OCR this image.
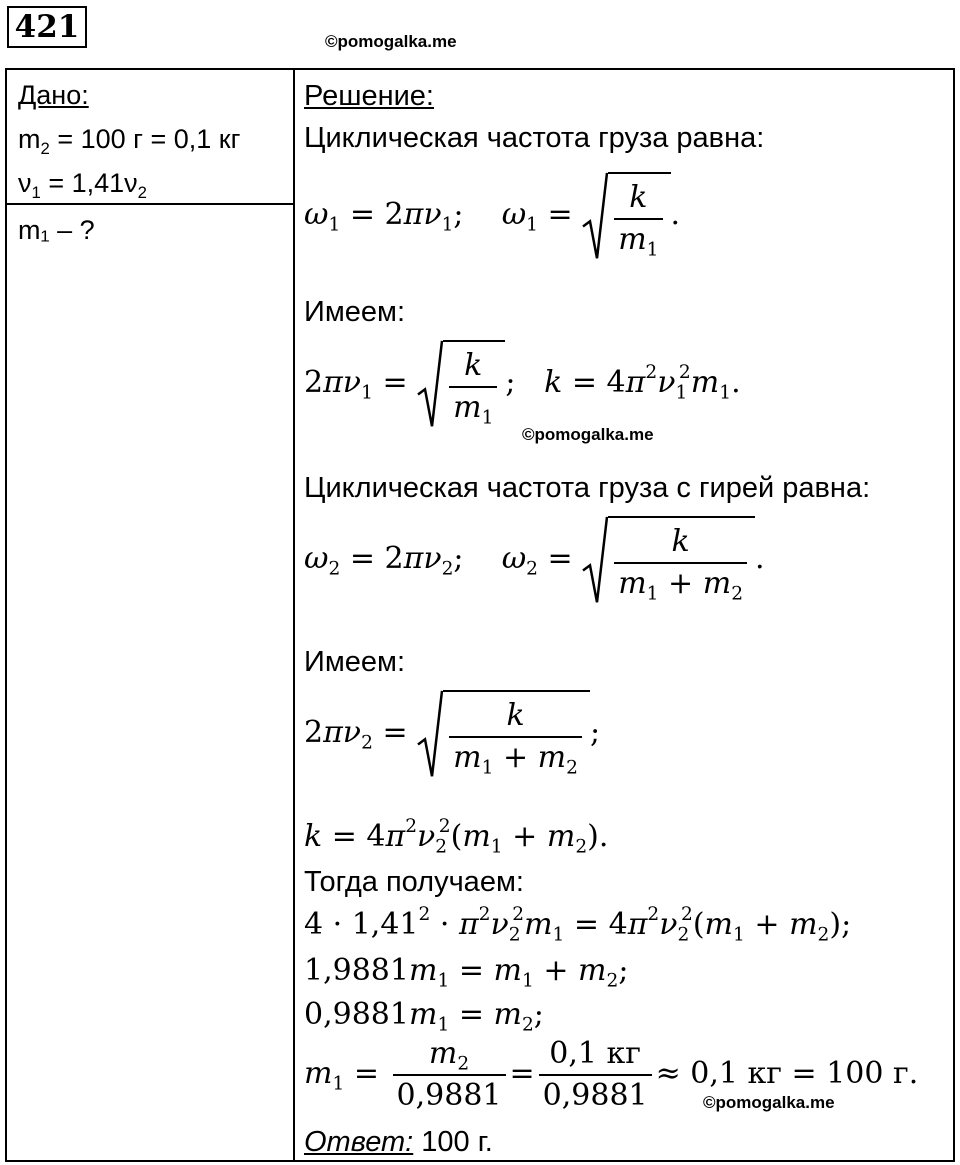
421	©pomogalka.me
Дано:
$m_2 = 100$ г = 0,1 кг
$\nu_1 = 1,41\nu_2$
m₁ – ?
Решение:
Циклическая частота груза равна:
$\omega_1 = 2\pi\nu_1$;    $\omega_1 = \frac{k}{m_1}$ .
Имеем:
$2\pi\nu_1 = \frac{k}{m_1}$ ;   $k = 4\pi^2\nu_1^2m_1$.
©pomogalka.me
Циклическая частота груза с гирей равна:
$\omega_2 = 2\pi\nu_2$;    $\omega_2 = \frac{k}{m_1 + m_2}$ .
Имеем:
$2\pi\nu_2 = \frac{k}{m_1 + m_2}$ ;
$k = 4\pi^2\nu_2^2(m_1 + m_2)$.
Тогда получаем:
$4 \cdot 1,41^2 \cdot \pi^2\nu_2^2m_1 = 4\pi^2\nu_2^2(m_1 + m_2)$;
$1,9881m_1 = m_1 + m_2$;
$0,9881m_1 = m_2$;
$m_1 = \frac{m_2}{0,9881} = \frac{0,1 кг}{0,9881} \approx 0,1$ кг = 100 г.
©pomogalka.me
Ответ: 100 г.
